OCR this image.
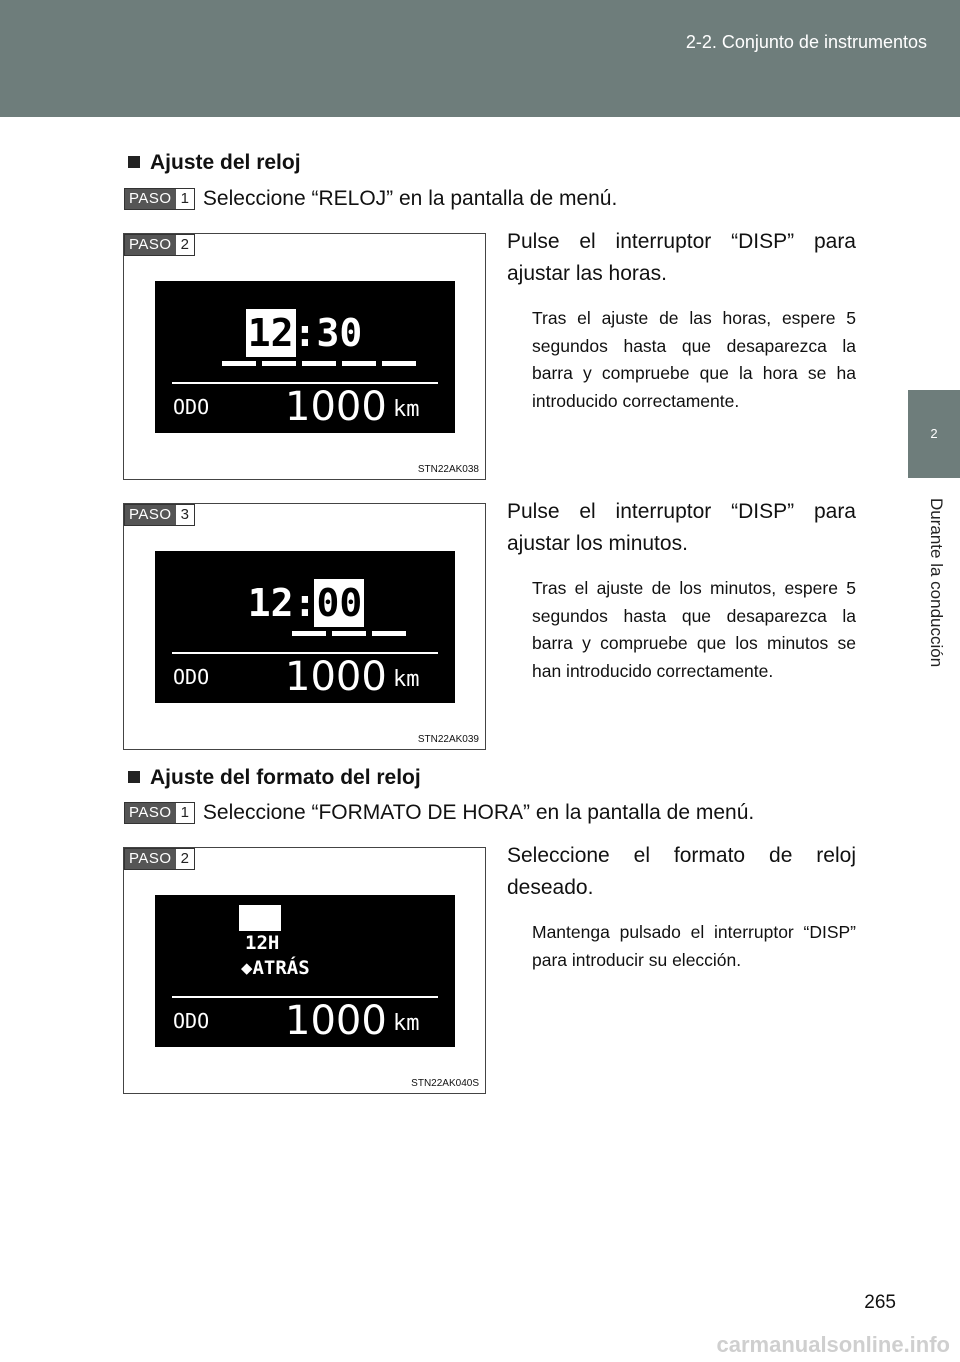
2-2. Conjunto de instrumentos
2
Durante la conducción
Ajuste del reloj
PASO 1 Seleccione “RELOJ” en la pantalla de menú.
PASO 2
12:30
ODO 1000 km
STN22AK038
Pulse el interruptor “DISP” para ajustar las horas.
Tras el ajuste de las horas, espere 5 segundos hasta que desaparezca la barra y compruebe que la hora se ha introducido correctamente.
PASO 3
12:00
ODO 1000 km
STN22AK039
Pulse el interruptor “DISP” para ajustar los minutos.
Tras el ajuste de los minutos, espere 5 segundos hasta que desaparezca la barra y compruebe que los minutos se han introducido correctamente.
Ajuste del formato del reloj
PASO 1 Seleccione “FORMATO DE HORA” en la pantalla de menú.
PASO 2
24H
12H
◆ATRÁS
ODO 1000 km
STN22AK040S
Seleccione el formato de reloj deseado.
Mantenga pulsado el interruptor “DISP” para introducir su elección.
265
carmanualsonline.info
